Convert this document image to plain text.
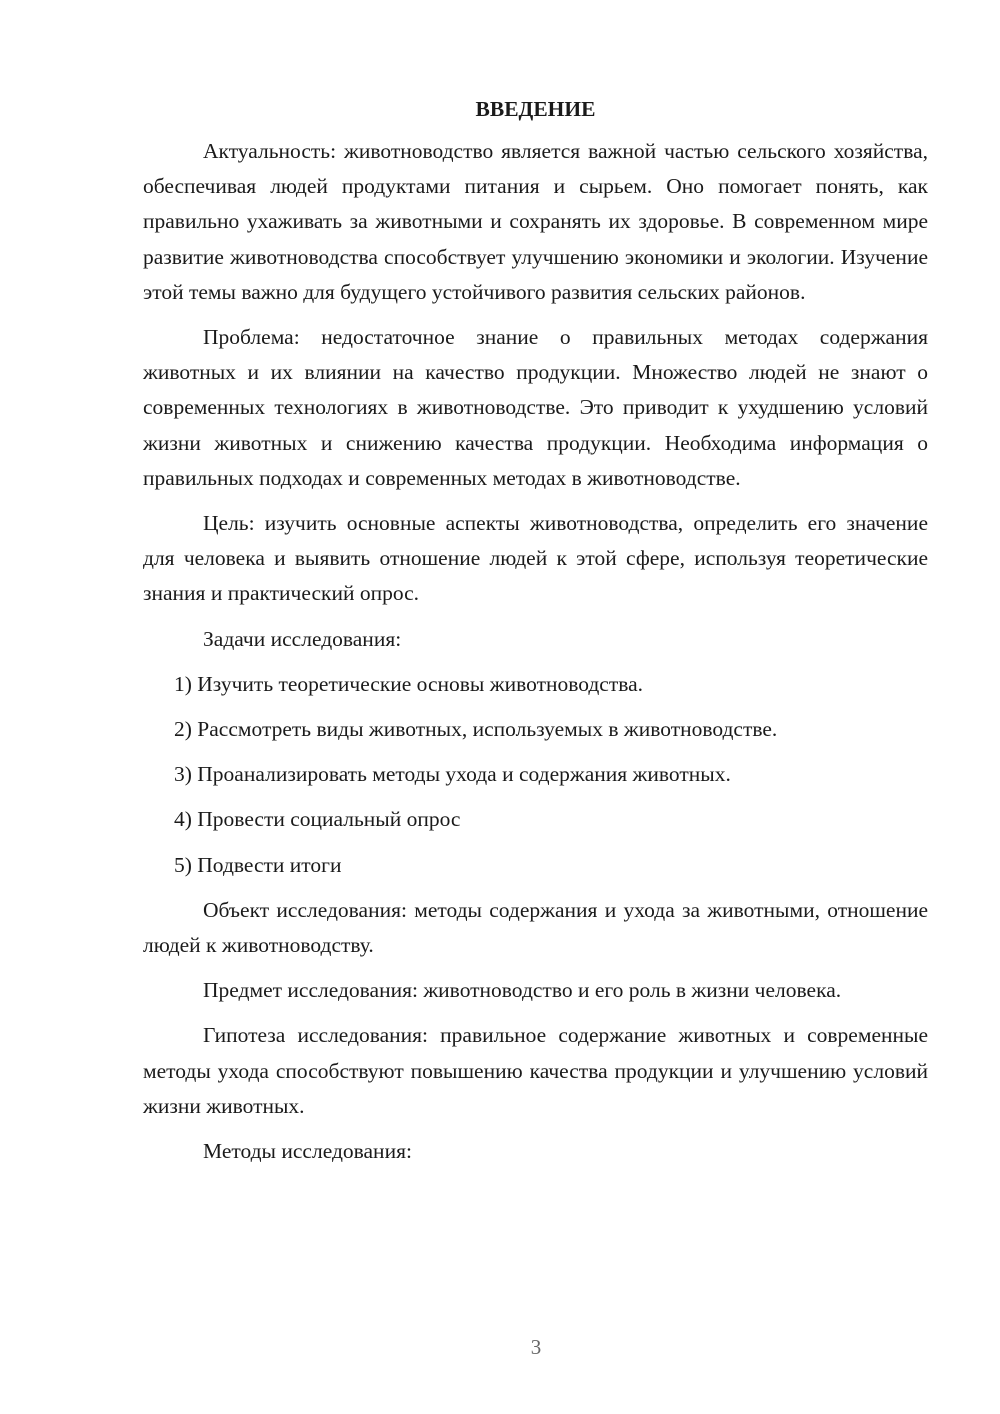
ВВЕДЕНИЕ

Актуальность: животноводство является важной частью сельского хозяйства, обеспечивая людей продуктами питания и сырьем. Оно помогает понять, как правильно ухаживать за животными и сохранять их здоровье. В современном мире развитие животноводства способствует улучшению экономики и экологии. Изучение этой темы важно для будущего устойчивого развития сельских районов.

Проблема: недостаточное знание о правильных методах содержания животных и их влиянии на качество продукции. Множество людей не знают о современных технологиях в животноводстве. Это приводит к ухудшению условий жизни животных и снижению качества продукции. Необходима информация о правильных подходах и современных методах в животноводстве.

Цель: изучить основные аспекты животноводства, определить его значение для человека и выявить отношение людей к этой сфере, используя теоретические знания и практический опрос.

Задачи исследования:

1) Изучить теоретические основы животноводства.
2) Рассмотреть виды животных, используемых в животноводстве.
3) Проанализировать методы ухода и содержания животных.
4) Провести социальный опрос
5) Подвести итоги

Объект исследования: методы содержания и ухода за животными, отношение людей к животноводству.

Предмет исследования: животноводство и его роль в жизни человека.

Гипотеза исследования: правильное содержание животных и современные методы ухода способствуют повышению качества продукции и улучшению условий жизни животных.

Методы исследования:

3
